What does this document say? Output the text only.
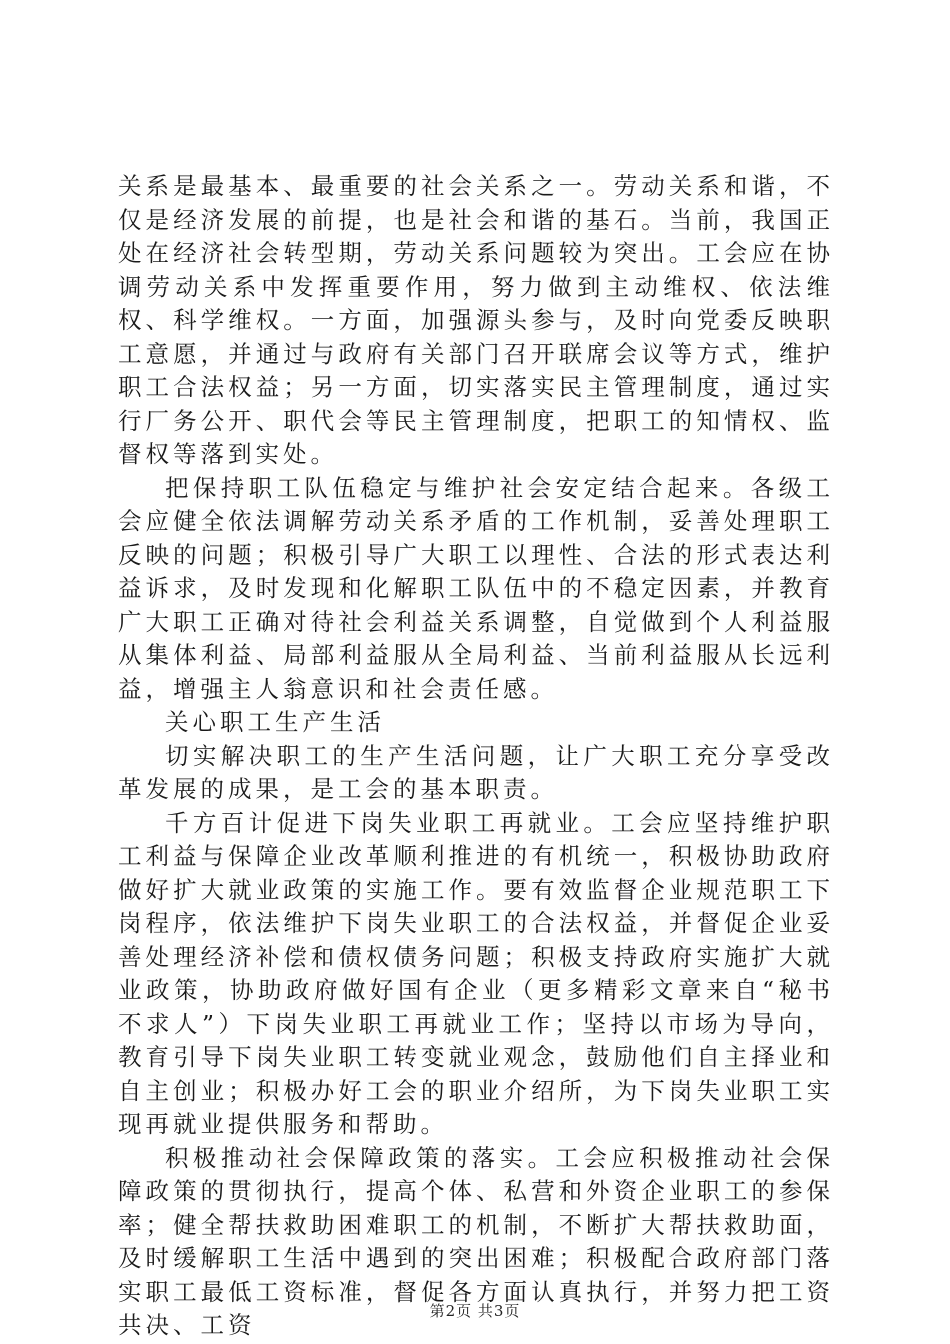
关系是最基本、最重要的社会关系之一。劳动关系和谐，不仅是经济发展的前提，也是社会和谐的基石。当前，我国正处在经济社会转型期，劳动关系问题较为突出。工会应在协调劳动关系中发挥重要作用，努力做到主动维权、依法维权、科学维权。一方面，加强源头参与，及时向党委反映职工意愿，并通过与政府有关部门召开联席会议等方式，维护职工合法权益；另一方面，切实落实民主管理制度，通过实行厂务公开、职代会等民主管理制度，把职工的知情权、监督权等落到实处。

把保持职工队伍稳定与维护社会安定结合起来。各级工会应健全依法调解劳动关系矛盾的工作机制，妥善处理职工反映的问题；积极引导广大职工以理性、合法的形式表达利益诉求，及时发现和化解职工队伍中的不稳定因素，并教育广大职工正确对待社会利益关系调整，自觉做到个人利益服从集体利益、局部利益服从全局利益、当前利益服从长远利益，增强主人翁意识和社会责任感。

关心职工生产生活

切实解决职工的生产生活问题，让广大职工充分享受改革发展的成果，是工会的基本职责。

千方百计促进下岗失业职工再就业。工会应坚持维护职工利益与保障企业改革顺利推进的有机统一，积极协助政府做好扩大就业政策的实施工作。要有效监督企业规范职工下岗程序，依法维护下岗失业职工的合法权益，并督促企业妥善处理经济补偿和债权债务问题；积极支持政府实施扩大就业政策，协助政府做好国有企业（更多精彩文章来自“秘书不求人”）下岗失业职工再就业工作；坚持以市场为导向，教育引导下岗失业职工转变就业观念，鼓励他们自主择业和自主创业；积极办好工会的职业介绍所，为下岗失业职工实现再就业提供服务和帮助。

积极推动社会保障政策的落实。工会应积极推动社会保障政策的贯彻执行，提高个体、私营和外资企业职工的参保率；健全帮扶救助困难职工的机制，不断扩大帮扶救助面，及时缓解职工生活中遇到的突出困难；积极配合政府部门落实职工最低工资标准，督促各方面认真执行，并努力把工资共决、工资	第2页 共3页
